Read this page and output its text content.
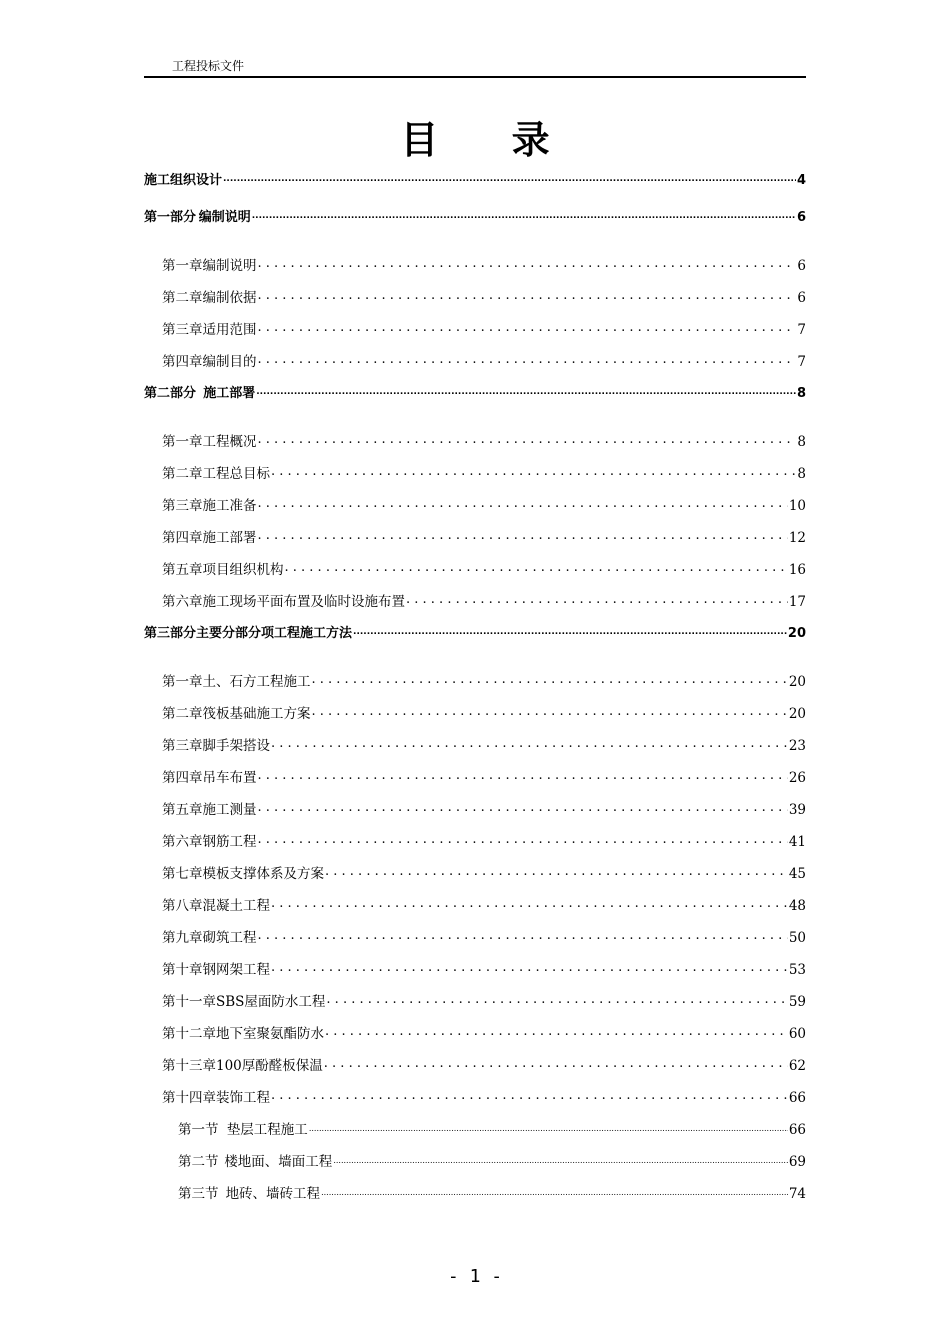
工程投标文件
目 录
施工组织设计 .....	4
第一部分 编制说明 .....	6
第一章 编制说明 . . .	6
第二章 编制依据 . . .	6
第三章 适用范围 . . .	7
第四章 编制目的 . . .	7
第二部分 施工部署 .....	8
第一章 工程概况 . . .	8
第二章 工程总目标 . . .	8
第三章 施工准备 . . .	10
第四章 施工部署 . . .	12
第五章 项目组织机构 . . .	16
第六章 施工现场平面布置及临时设施布置 . . .	17
第三部分 主要分部分项工程施工方法 .....	20
第一章 土、石方工程施工 . . .	20
第二章 筏板基础施工方案 . . .	20
第三章 脚手架搭设 . . .	23
第四章 吊车布置 . . .	26
第五章 施工测量 . . .	39
第六章 钢筋工程 . . .	41
第七章 模板支撑体系及方案 . . .	45
第八章 混凝土工程 . . .	48
第九章 砌筑工程 . . .	50
第十章 钢网架工程 . . .	53
第十一章 SBS屋面防水工程 . . .	59
第十二章 地下室聚氨酯防水 . . .	60
第十三章 100厚酚醛板保温 . . .	62
第十四章 装饰工程 . . .	66
第一节 垫层工程施工 .....	66
第二节 楼地面、墙面工程 .....	69
第三节 地砖、墙砖工程 .....	74
- 1 -
